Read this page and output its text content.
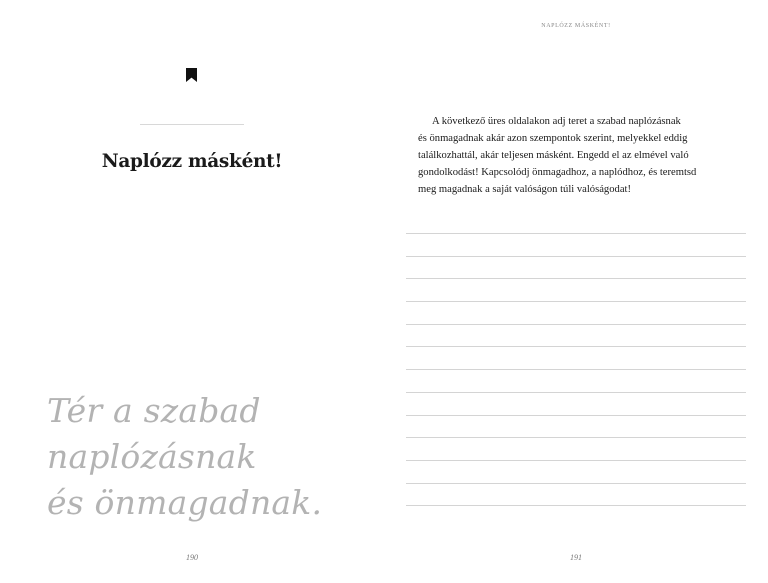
Naplózz másként!
Tér a szabad
naplózásnak
és önmagadnak.
190
NAPLÓZZ MÁSKÉNT!
A következő üres oldalakon adj teret a szabad naplózásnak
és önmagadnak akár azon szempontok szerint, melyekkel eddig
találkozhattál, akár teljesen másként. Engedd el az elmével való
gondolkodást! Kapcsolódj önmagadhoz, a naplódhoz, és teremtsd
meg magadnak a saját valóságon túli valóságodat!
191
